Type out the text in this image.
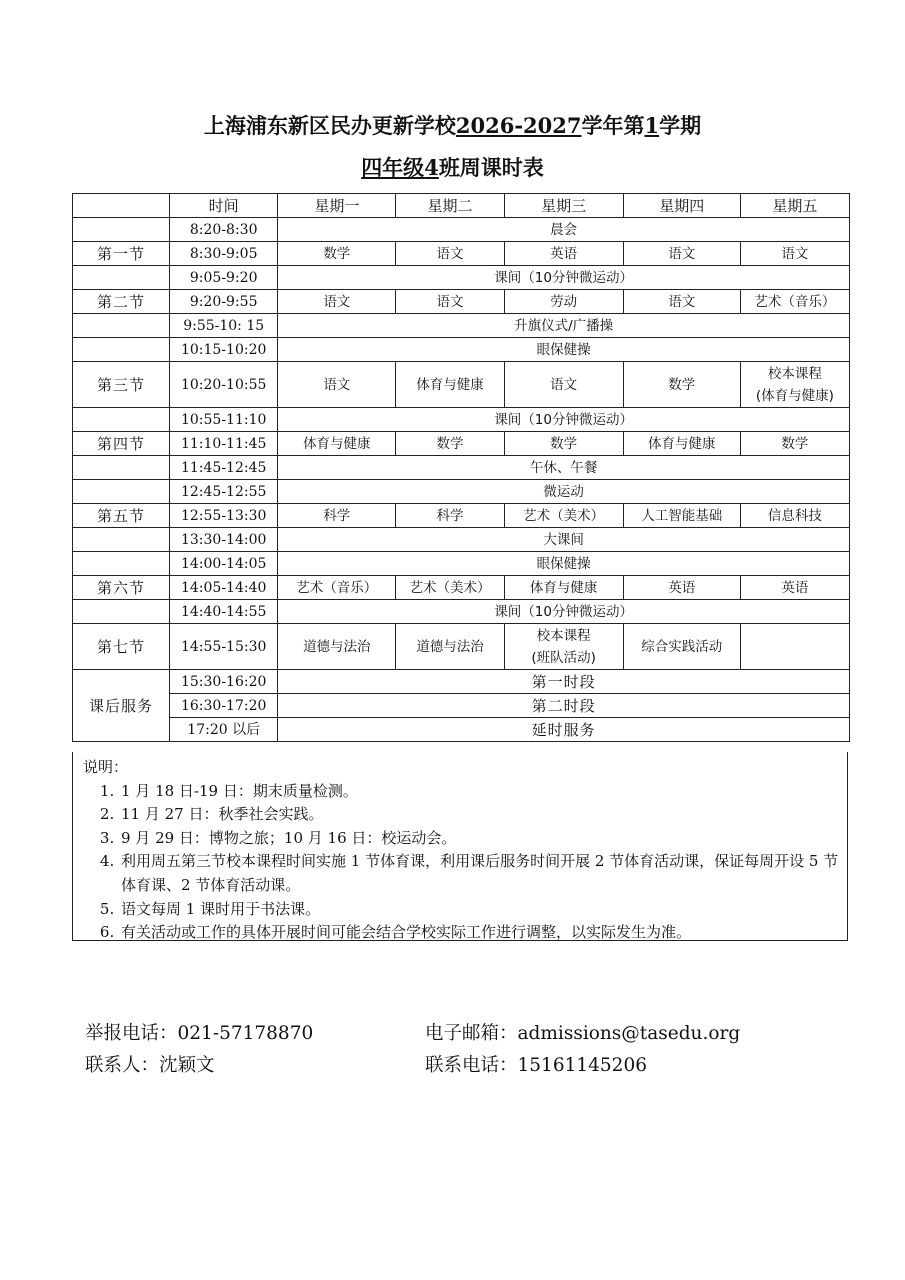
上海浦东新区民办更新学校2026-2027学年第1学期
四年级4班周课时表
	时间	星期一	星期二	星期三	星期四	星期五
	8:20-8:30	晨会				
第一节	8:30-9:05	数学	语文	英语	语文	语文
	9:05-9:20	课间（10分钟微运动）				
第二节	9:20-9:55	语文	语文	劳动	语文	艺术（音乐）
	9:55-10: 15	升旗仪式/广播操				
	10:15-10:20	眼保健操				
第三节	10:20-10:55	语文	体育与健康	语文	数学	校本课程
(体育与健康)
	10:55-11:10	课间（10分钟微运动）				
第四节	11:10-11:45	体育与健康	数学	数学	体育与健康	数学
	11:45-12:45	午休、午餐				
	12:45-12:55	微运动				
第五节	12:55-13:30	科学	科学	艺术（美术）	人工智能基础	信息科技
	13:30-14:00	大课间				
	14:00-14:05	眼保健操				
第六节	14:05-14:40	艺术（音乐）	艺术（美术）	体育与健康	英语	英语
	14:40-14:55	课间（10分钟微运动）				
第七节	14:55-15:30	道德与法治	道德与法治	校本课程
(班队活动)	综合实践活动	
课后服务	15:30-16:20	第一时段				
	16:30-17:20	第二时段				
	17:20 以后	延时服务				
说明：
1. 1 月 18 日-19 日：期末质量检测。
2. 11 月 27 日：秋季社会实践。
3. 9 月 29 日：博物之旅；10 月 16 日：校运动会。
4. 利用周五第三节校本课程时间实施 1 节体育课，利用课后服务时间开展 2 节体育活动课，保证每周开设 5 节体育课、2 节体育活动课。
5. 语文每周 1 课时用于书法课。
6. 有关活动或工作的具体开展时间可能会结合学校实际工作进行调整，以实际发生为准。
举报电话：021-57178870	电子邮箱：admissions@tasedu.org
联系人：沈颖文	联系电话：15161145206
